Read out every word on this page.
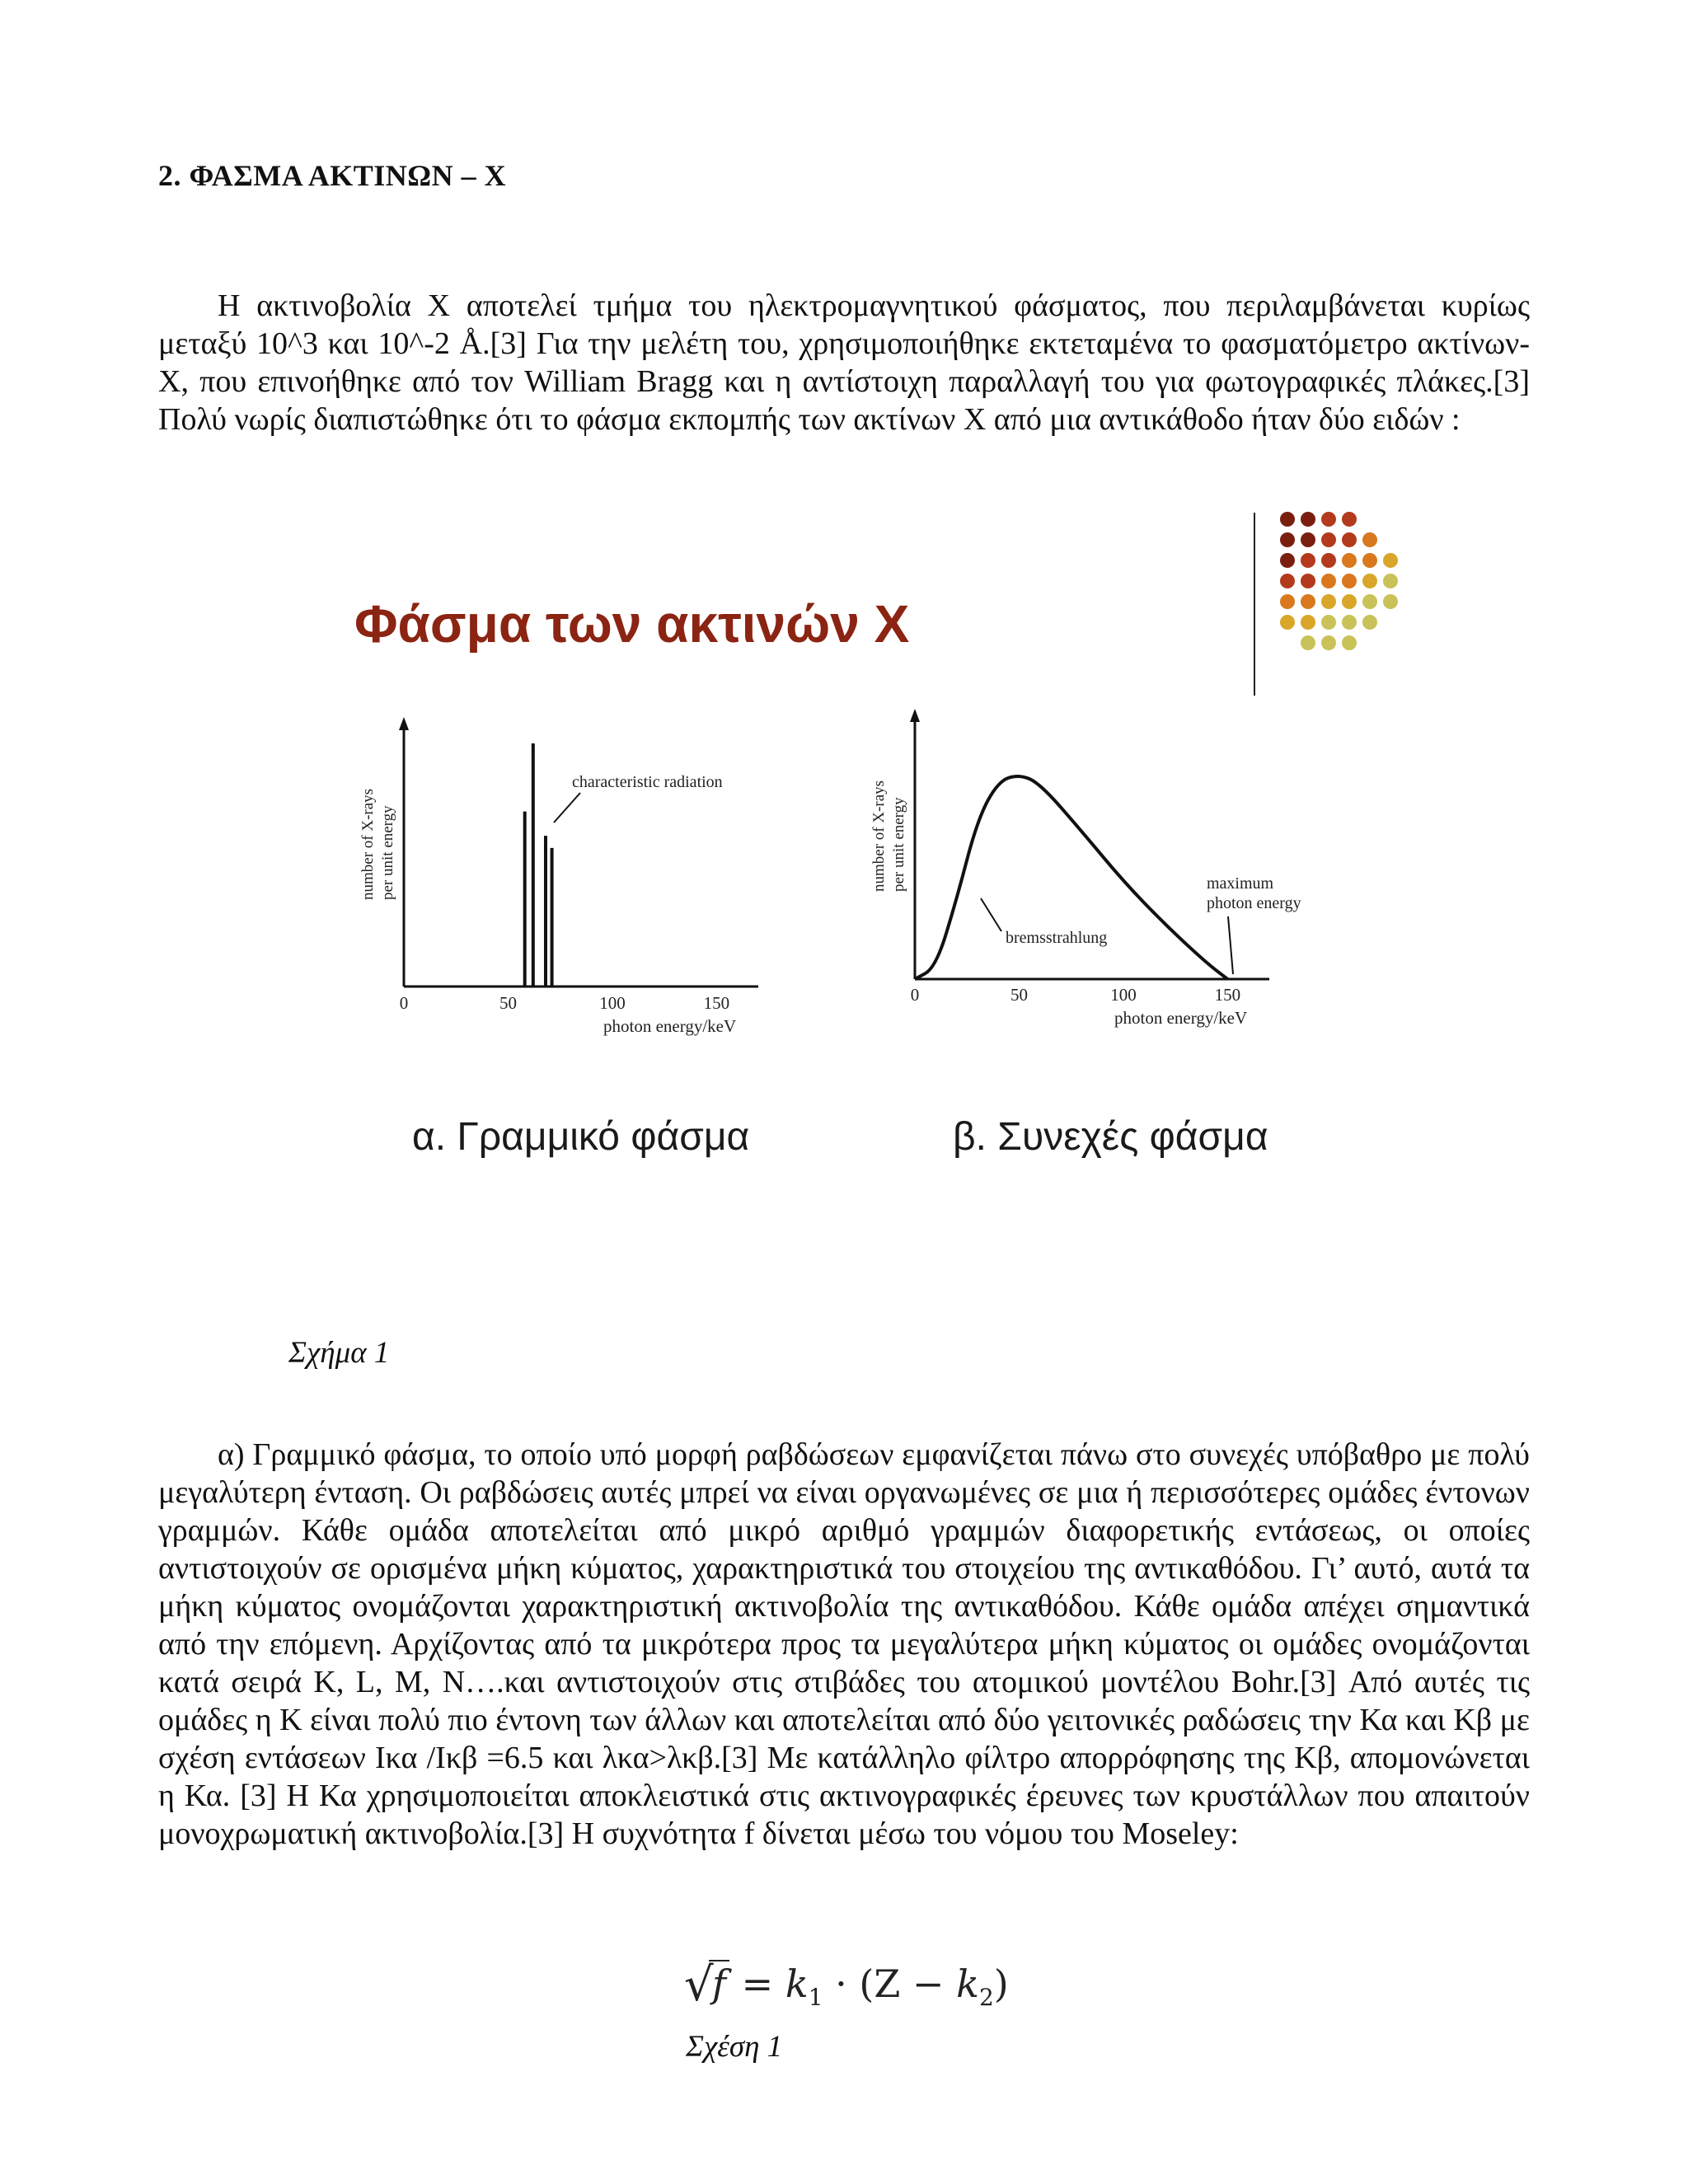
2. ΦΑΣΜΑ ΑΚΤΙΝΩΝ – Χ
Η ακτινοβολία Χ αποτελεί τμήμα του ηλεκτρομαγνητικού φάσματος, που περιλαμβάνεται κυρίως μεταξύ 10^3 και 10^-2 Å.[3] Για την μελέτη του, χρησιμοποιήθηκε εκτεταμένα το φασματόμετρο ακτίνων-Χ, που επινοήθηκε από τον William Bragg και η αντίστοιχη παραλλαγή του για φωτογραφικές πλάκες.[3] Πολύ νωρίς διαπιστώθηκε ότι το φάσμα εκπομπής των ακτίνων Χ από μια αντικάθοδο ήταν δύο ειδών :
number of X-rays per unit energy
0	50	100	150
characteristic radiation
photon energy/keV
number of X-rays per unit energy
0	50	100	150
bremsstrahlung
maximum
photon energy
photon energy/keV
Φάσμα των ακτινών Χ
α. Γραμμικό φάσμα	β. Συνεχές φάσμα
Σχήμα 1
α) Γραμμικό φάσμα, το οποίο υπό μορφή ραβδώσεων εμφανίζεται πάνω στο συνεχές υπόβαθρο με πολύ μεγαλύτερη ένταση. Οι ραβδώσεις αυτές μπρεί να είναι οργανωμένες σε μια ή περισσότερες ομάδες έντονων γραμμών. Κάθε ομάδα αποτελείται από μικρό αριθμό γραμμών διαφορετικής εντάσεως, οι οποίες αντιστοιχούν σε ορισμένα μήκη κύματος, χαρακτηριστικά του στοιχείου της αντικαθόδου. Γι’ αυτό, αυτά τα μήκη κύματος ονομάζονται χαρακτηριστική ακτινοβολία της αντικαθόδου. Κάθε ομάδα απέχει σημαντικά από την επόμενη. Αρχίζοντας από τα μικρότερα προς τα μεγαλύτερα μήκη κύματος οι ομάδες ονομάζονται κατά σειρά K, L, M, N….και αντιστοιχούν στις στιβάδες του ατομικού μοντέλου Bohr.[3] Από αυτές τις ομάδες η Κ είναι πολύ πιο έντονη των άλλων και αποτελείται από δύο γειτονικές ραδώσεις την Κα και Κβ με σχέση εντάσεων Ικα /Ικβ =6.5 και λκα>λκβ.[3] Με κατάλληλο φίλτρο απορρόφησης της Κβ, απομονώνεται η Κα. [3] Η Κα χρησιμοποιείται αποκλειστικά στις ακτινογραφικές έρευνες των κρυστάλλων που απαιτούν μονοχρωματική ακτινοβολία.[3] Η συχνότητα f δίνεται μέσω του νόμου του Moseley:
√
$f = k_1 \cdot (Z - k_2)$
Σχέση 1
